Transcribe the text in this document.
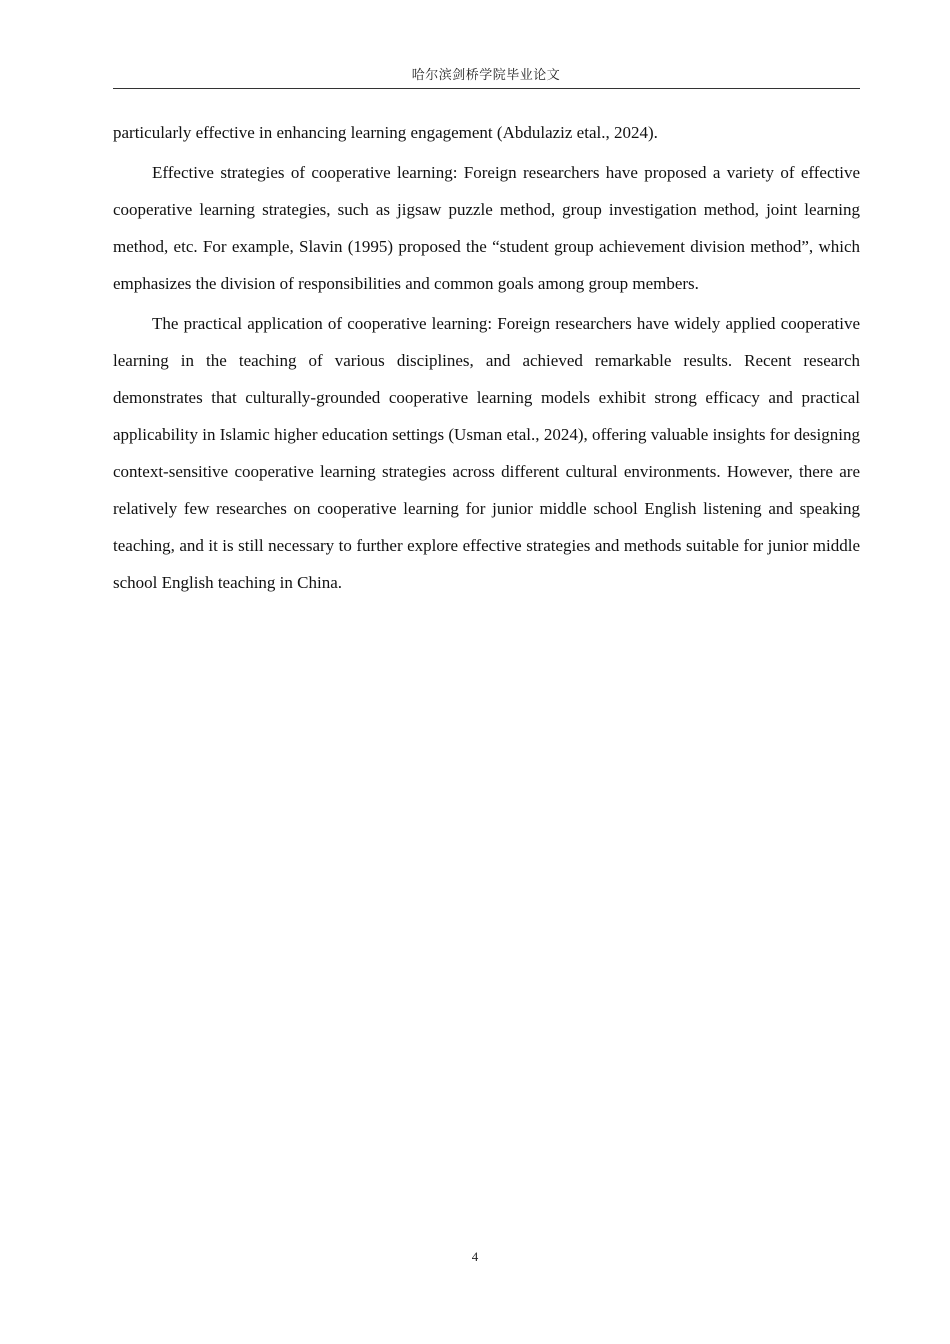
哈尔滨剑桥学院毕业论文

particularly effective in enhancing learning engagement (Abdulaziz etal., 2024).

Effective strategies of cooperative learning: Foreign researchers have proposed a variety of effective cooperative learning strategies, such as jigsaw puzzle method, group investigation method, joint learning method, etc. For example, Slavin (1995) proposed the “student group achievement division method”, which emphasizes the division of responsibilities and common goals among group members.

The practical application of cooperative learning: Foreign researchers have widely applied cooperative learning in the teaching of various disciplines, and achieved remarkable results. Recent research demonstrates that culturally-grounded cooperative learning models exhibit strong efficacy and practical applicability in Islamic higher education settings (Usman etal., 2024), offering valuable insights for designing context-sensitive cooperative learning strategies across different cultural environments. However, there are relatively few researches on cooperative learning for junior middle school English listening and speaking teaching, and it is still necessary to further explore effective strategies and methods suitable for junior middle school English teaching in China.

4
